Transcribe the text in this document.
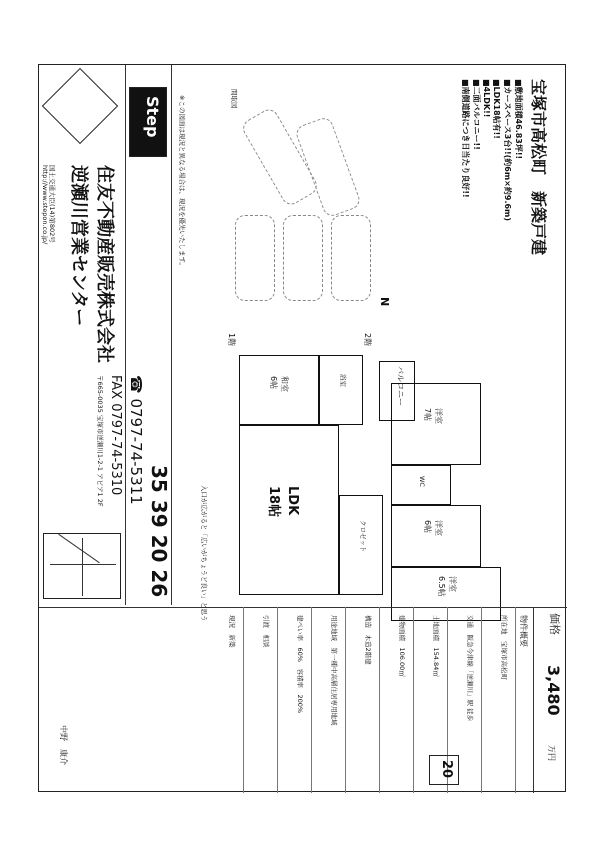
宝塚市高松町　新築戸建
■敷地面積46.83坪!!
■カースペース3台!!(約6m×約9.6m)
■LDK18帖有!!
■4LDK!!
■二面バルコニー!!
■南側道路につき日当たり良好!!
間取図
N
2階
バルコニー
洋室
7帖
WC
洋室
6帖
洋室
6.5帖
1階
和室
6帖
LDK
18帖
浴室
クロゼット
入口が広がると「広いがちょうど良い」と思う
※この図面は現況と異なる場合は、現況を優先いたします。
Step
住友不動産販売株式会社
逆瀬川営業センター
国土交通大臣(14)第802号
http://www.stepon.co.jp/
☎ 0797-74-5311
FAX 0797-74-5310
〒665-0035 宝塚市逆瀬川1-2-1 アピア1 2F
35 39 20 26
価格
3,480
万円
物件概要
所在地　宝塚市高松町
交通　阪急今津線「逆瀬川」駅 徒歩
土地面積　154.84㎡
建物面積　106.00㎡
構造　木造2階建
用途地域　第一種中高層住居専用地域
建ぺい率　60%　容積率　200%
引渡　相談
現況　新築
20
中野　康介
